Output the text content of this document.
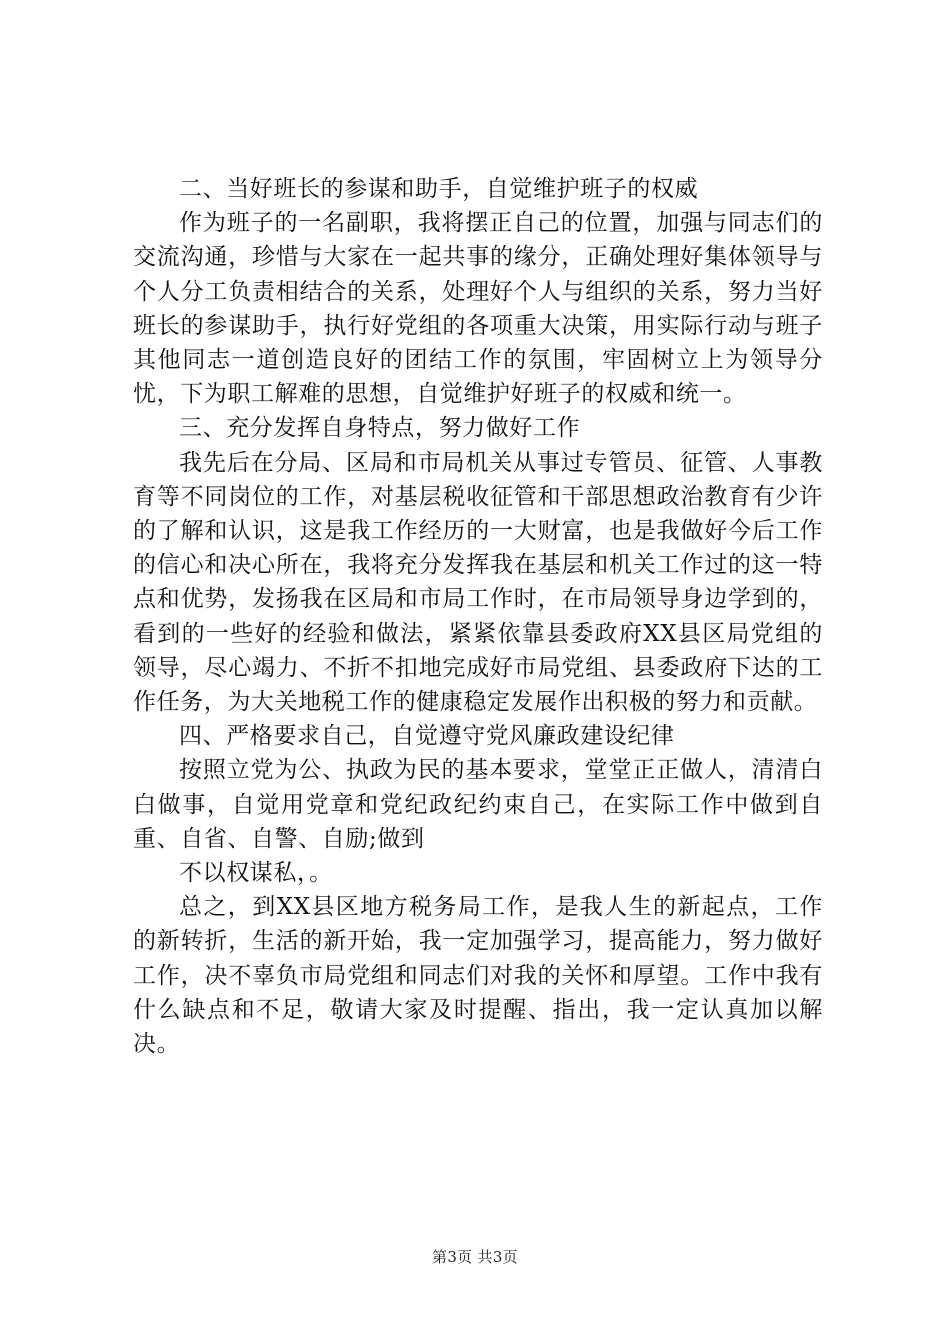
二、当好班长的参谋和助手，自觉维护班子的权威

作为班子的一名副职，我将摆正自己的位置，加强与同志们的交流沟通，珍惜与大家在一起共事的缘分，正确处理好集体领导与个人分工负责相结合的关系，处理好个人与组织的关系，努力当好班长的参谋助手，执行好党组的各项重大决策，用实际行动与班子其他同志一道创造良好的团结工作的氛围，牢固树立上为领导分忧，下为职工解难的思想，自觉维护好班子的权威和统一。

三、充分发挥自身特点，努力做好工作

我先后在分局、区局和市局机关从事过专管员、征管、人事教育等不同岗位的工作，对基层税收征管和干部思想政治教育有少许的了解和认识，这是我工作经历的一大财富，也是我做好今后工作的信心和决心所在，我将充分发挥我在基层和机关工作过的这一特点和优势，发扬我在区局和市局工作时，在市局领导身边学到的，看到的一些好的经验和做法，紧紧依靠县委政府XX县区局党组的领导，尽心竭力、不折不扣地完成好市局党组、县委政府下达的工作任务，为大关地税工作的健康稳定发展作出积极的努力和贡献。

四、严格要求自己，自觉遵守党风廉政建设纪律

按照立党为公、执政为民的基本要求，堂堂正正做人，清清白白做事，自觉用党章和党纪政纪约束自己，在实际工作中做到自重、自省、自警、自励;做到

不以权谋私，。

总之，到XX县区地方税务局工作，是我人生的新起点，工作的新转折，生活的新开始，我一定加强学习，提高能力，努力做好工作，决不辜负市局党组和同志们对我的关怀和厚望。工作中我有什么缺点和不足，敬请大家及时提醒、指出，我一定认真加以解决。

第3页 共3页
